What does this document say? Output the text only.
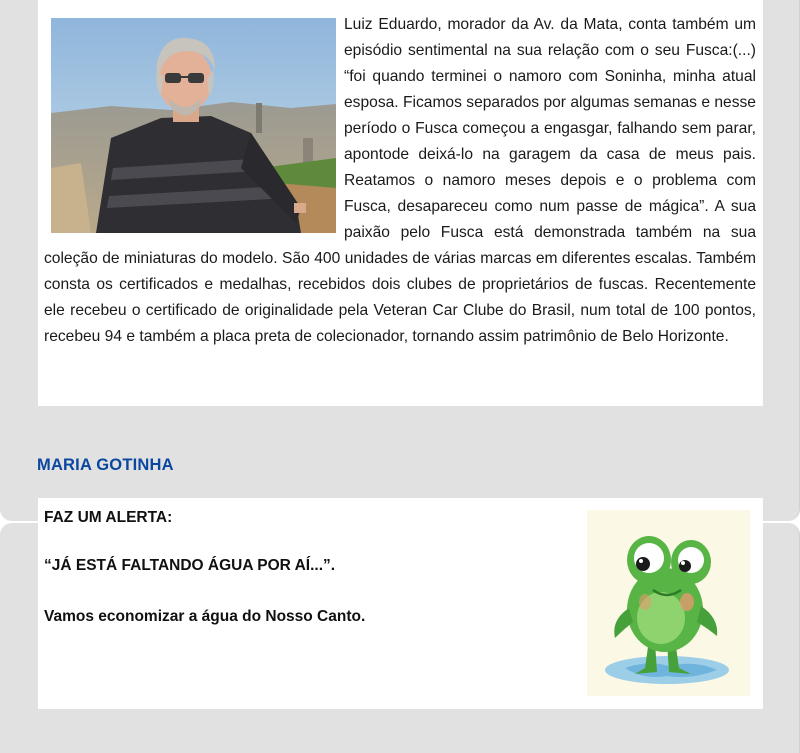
Luiz Eduardo, morador da Av. da Mata, conta também um episódio sentimental na sua relação com o seu Fusca:(...) “foi quando terminei o namoro com Soninha, minha atual esposa. Ficamos separados por algumas semanas e nesse período o Fusca começou a engasgar, falhando sem parar, apontode deixá-lo na garagem da casa de meus pais. Reatamos o namoro meses depois e o problema com Fusca, desapareceu como num passe de mágica”. A sua paixão pelo Fusca está demonstrada também na sua coleção de miniaturas do modelo. São 400 unidades de várias marcas em diferentes escalas. Também consta os certificados e medalhas, recebidos dois clubes de proprietários de fuscas. Recentemente ele recebeu o certificado de originalidade pela Veteran Car Clube do Brasil, num total de 100 pontos, recebeu 94 e também a placa preta de colecionador, tornando assim patrimônio de Belo Horizonte.

MARIA GOTINHA

FAZ UM ALERTA:

“JÁ ESTÁ FALTANDO ÁGUA POR AÍ...”.

Vamos economizar a água do Nosso Canto.
